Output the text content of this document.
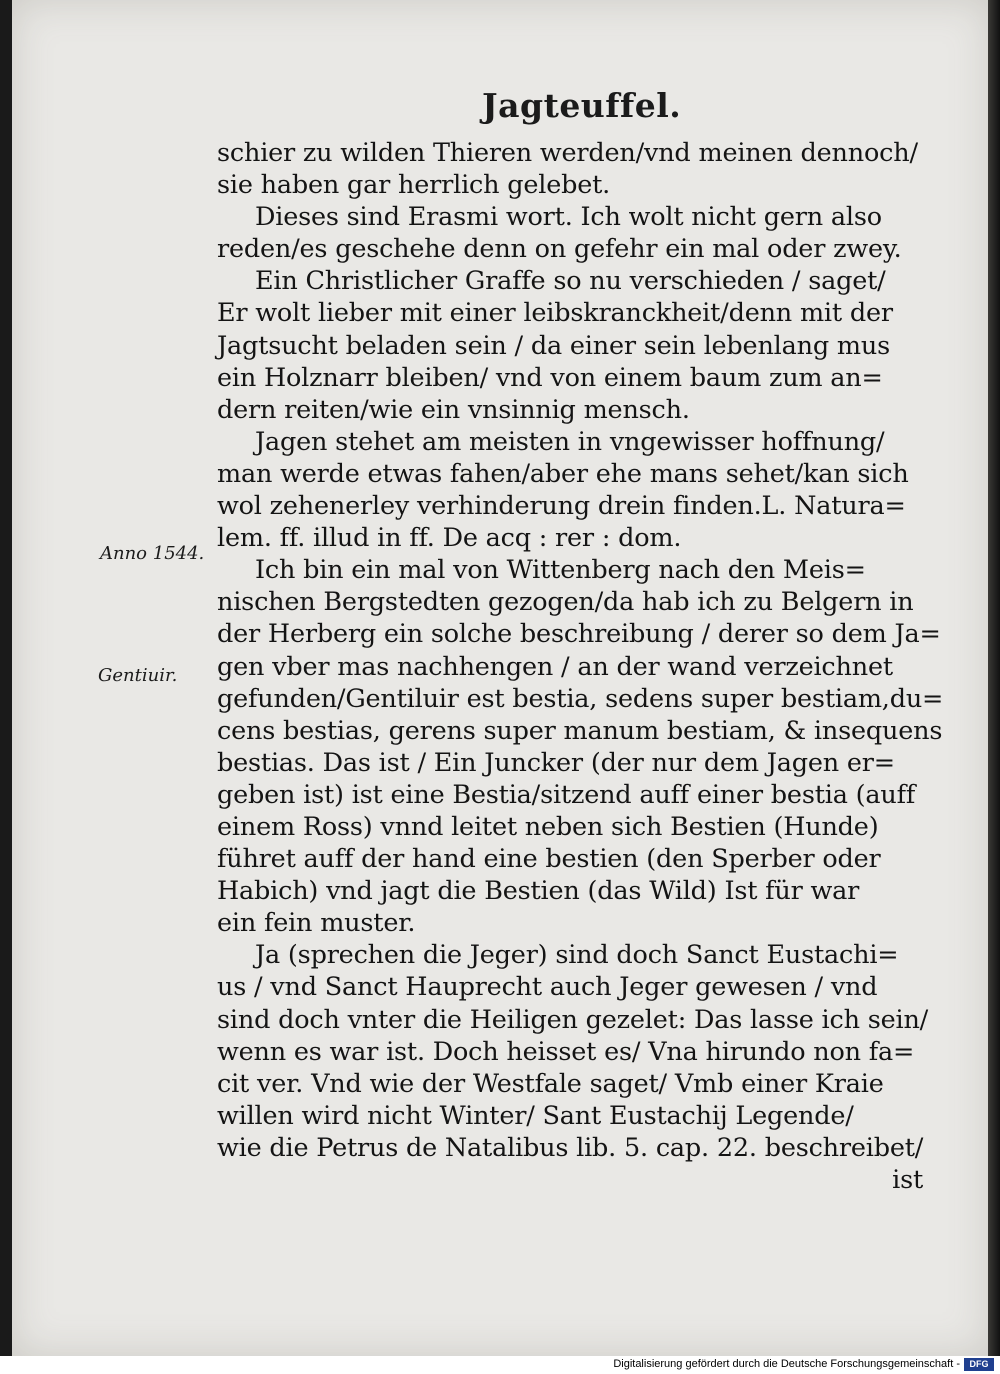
Jagteuffel.
Anno 1544.
Gentiuir.
schier zu wilden Thieren werden/vnd meinen dennoch/
sie haben gar herrlich gelebet.
Dieses sind Erasmi wort. Ich wolt nicht gern also
reden/es geschehe denn on gefehr ein mal oder zwey.
Ein Christlicher Graffe so nu verschieden / saget/
Er wolt lieber mit einer leibskranckheit/denn mit der
Jagtsucht beladen sein / da einer sein lebenlang mus
ein Holznarr bleiben/ vnd von einem baum zum an=
dern reiten/wie ein vnsinnig mensch.
Jagen stehet am meisten in vngewisser hoffnung/
man werde etwas fahen/aber ehe mans sehet/kan sich
wol zehenerley verhinderung drein finden.L. Natura=
lem. ff. illud in ff. De acq : rer : dom.
Ich bin ein mal von Wittenberg nach den Meis=
nischen Bergstedten gezogen/da hab ich zu Belgern in
der Herberg ein solche beschreibung / derer so dem Ja=
gen vber mas nachhengen / an der wand verzeichnet
gefunden/Gentiluir est bestia, sedens super bestiam,du=
cens bestias, gerens super manum bestiam, & insequens
bestias. Das ist / Ein Juncker (der nur dem Jagen er=
geben ist) ist eine Bestia/sitzend auff einer bestia (auff
einem Ross) vnnd leitet neben sich Bestien (Hunde)
führet auff der hand eine bestien (den Sperber oder
Habich) vnd jagt die Bestien (das Wild) Ist für war
ein fein muster.
Ja (sprechen die Jeger) sind doch Sanct Eustachi=
us / vnd Sanct Hauprecht auch Jeger gewesen / vnd
sind doch vnter die Heiligen gezelet: Das lasse ich sein/
wenn es war ist. Doch heisset es/ Vna hirundo non fa=
cit ver. Vnd wie der Westfale saget/ Vmb einer Kraie
willen wird nicht Winter/ Sant Eustachij Legende/
wie die Petrus de Natalibus lib. 5. cap. 22. beschreibet/
ist
Digitalisierung gefördert durch die Deutsche Forschungsgemeinschaft -	DFG
